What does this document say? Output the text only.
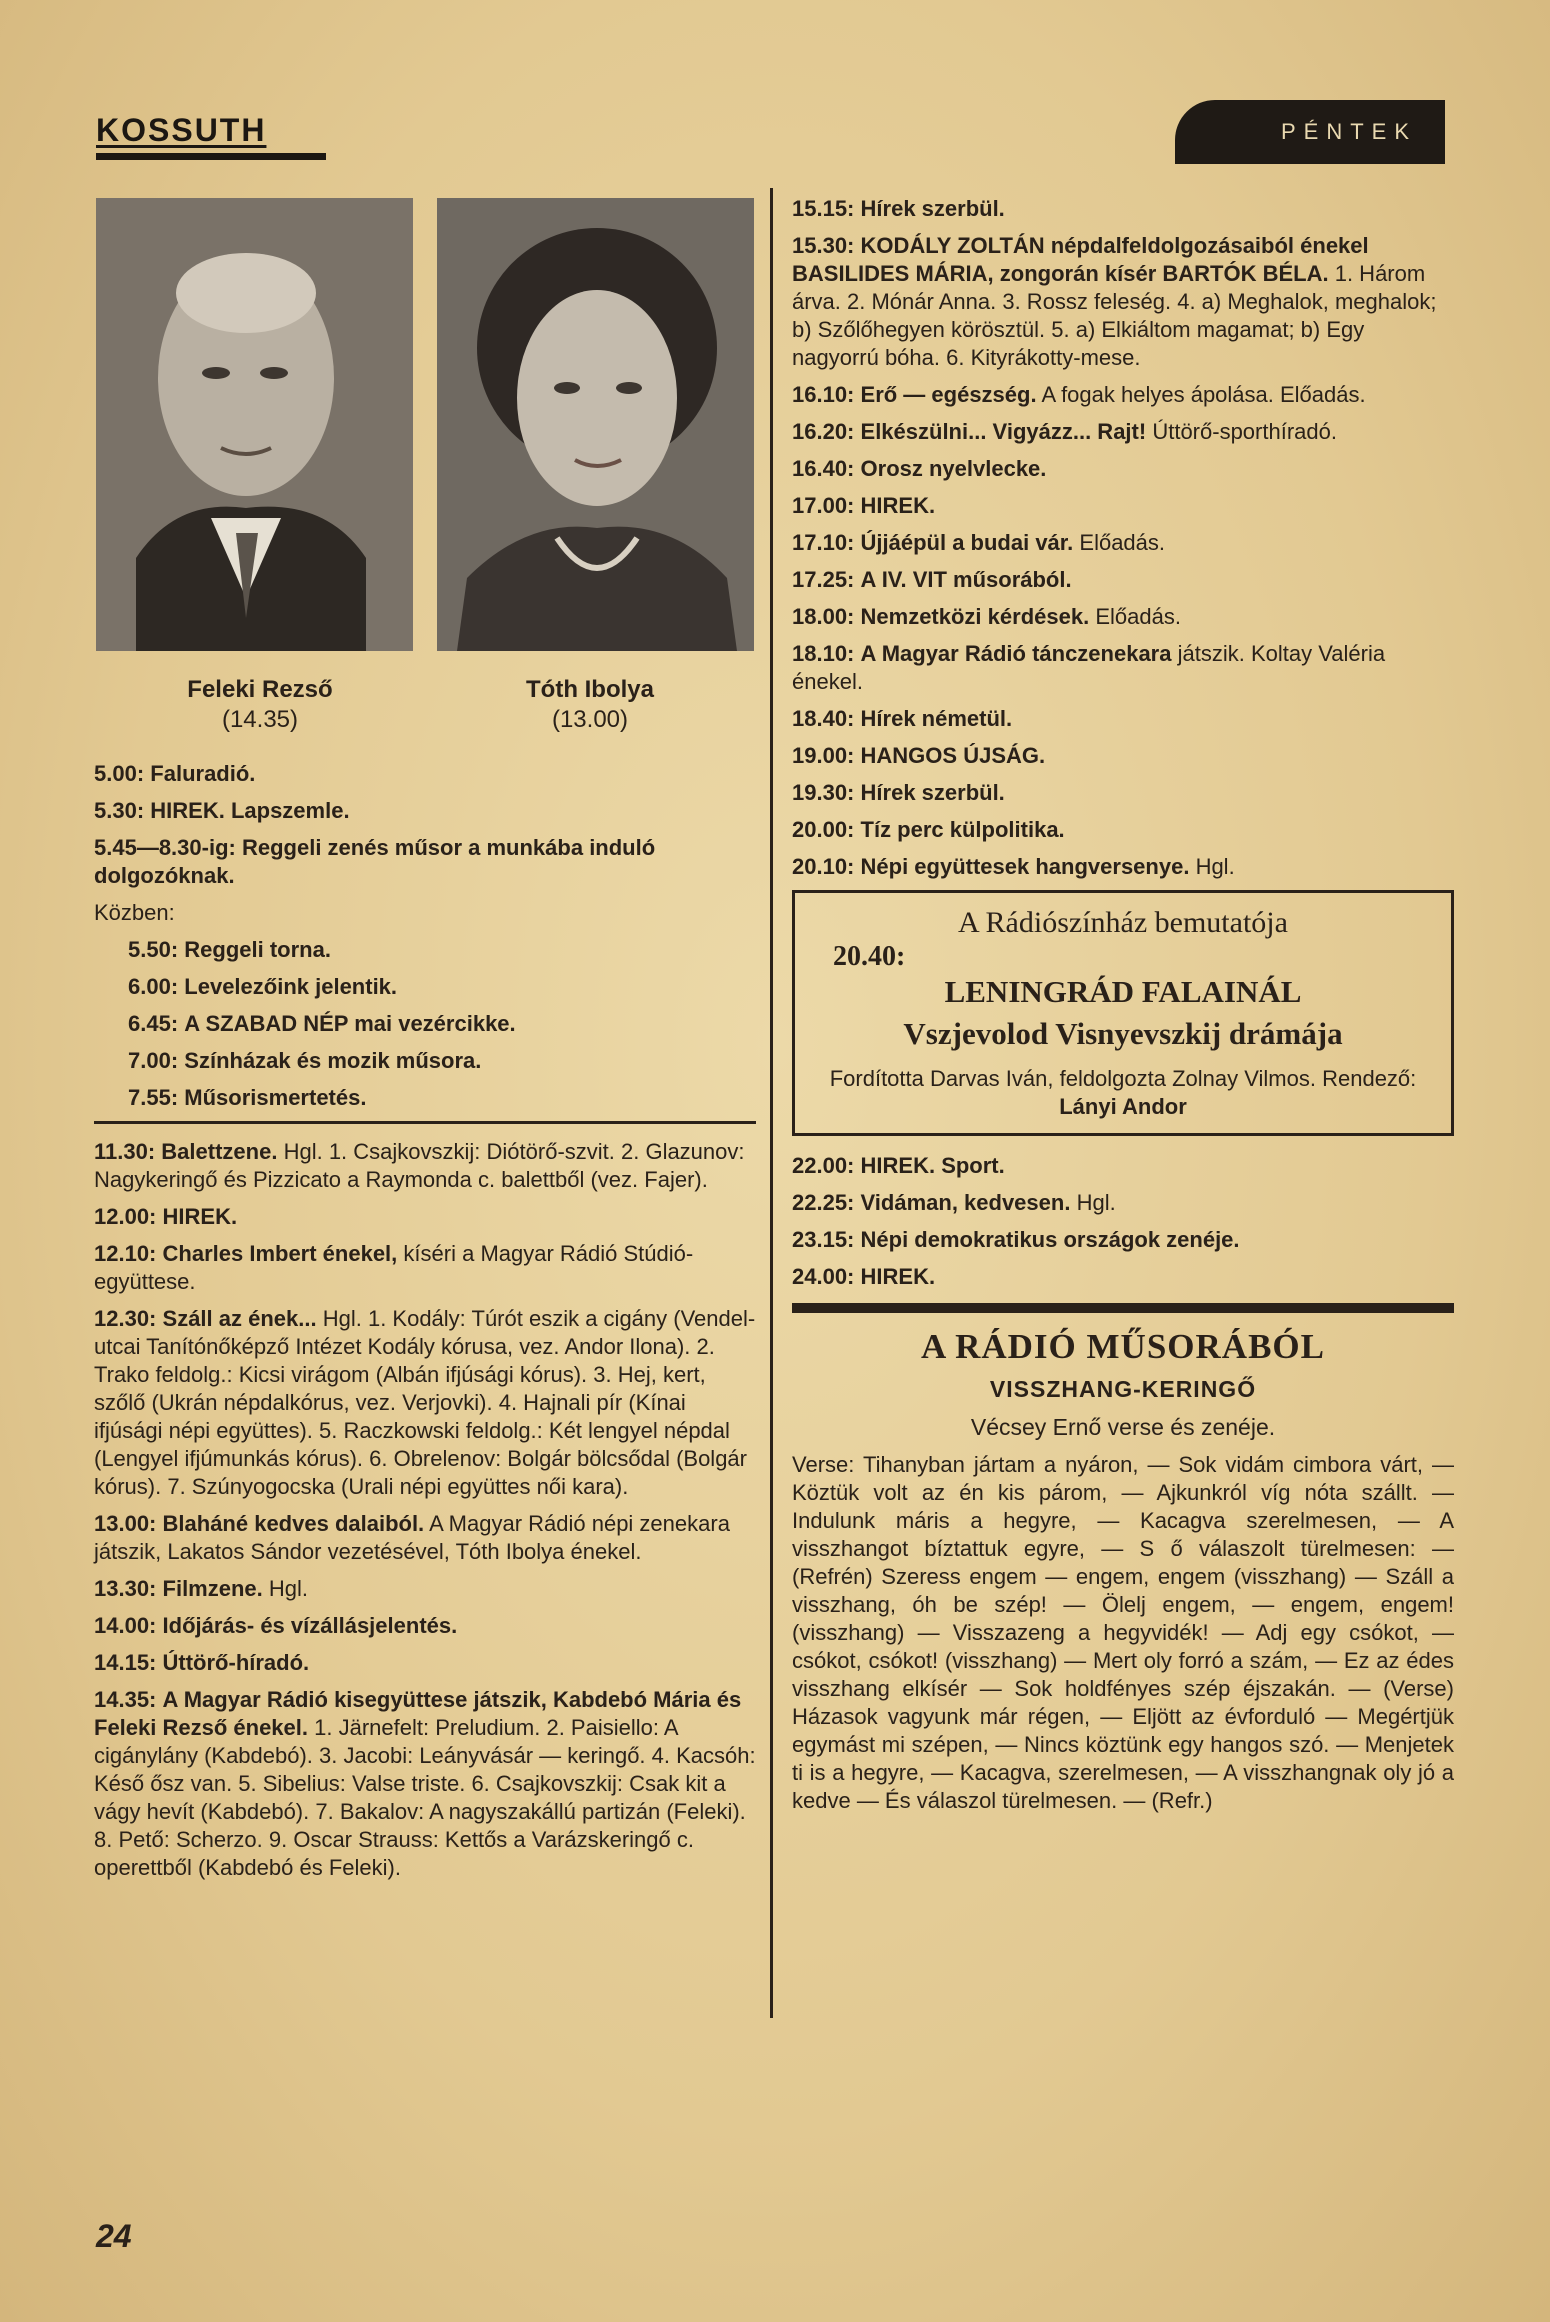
KOSSUTH	PÉNTEK
Feleki Rezső
(14.35)
Tóth Ibolya
(13.00)
5.00: Faluradió.
5.30: HIREK. Lapszemle.
5.45—8.30-ig: Reggeli zenés műsor a munkába induló dolgozóknak.
Közben:
5.50: Reggeli torna.
6.00: Levelezőink jelentik.
6.45: A SZABAD NÉP mai vezércikke.
7.00: Színházak és mozik műsora.
7.55: Műsorismertetés.
11.30: Balettzene. Hgl. 1. Csajkovszkij: Diótörő-szvit. 2. Glazunov: Nagykeringő és Pizzicato a Raymonda c. balettből (vez. Fajer).
12.00: HIREK.
12.10: Charles Imbert énekel, kíséri a Magyar Rádió Stúdió-együttese.
12.30: Száll az ének... Hgl. 1. Kodály: Túrót eszik a cigány (Vendel-utcai Tanítónőképző Intézet Kodály kórusa, vez. Andor Ilona). 2. Trako feldolg.: Kicsi virágom (Albán ifjúsági kórus). 3. Hej, kert, szőlő (Ukrán népdalkórus, vez. Verjovki). 4. Hajnali pír (Kínai ifjúsági népi együttes). 5. Raczkowski feldolg.: Két lengyel népdal (Lengyel ifjúmunkás kórus). 6. Obrelenov: Bolgár bölcsődal (Bolgár kórus). 7. Szúnyogocska (Urali népi együttes női kara).
13.00: Blaháné kedves dalaiból. A Magyar Rádió népi zenekara játszik, Lakatos Sándor vezetésével, Tóth Ibolya énekel.
13.30: Filmzene. Hgl.
14.00: Időjárás- és vízállásjelentés.
14.15: Úttörő-híradó.
14.35: A Magyar Rádió kisegyüttese játszik, Kabdebó Mária és Feleki Rezső énekel. 1. Järnefelt: Preludium. 2. Paisiello: A cigánylány (Kabdebó). 3. Jacobi: Leányvásár — keringő. 4. Kacsóh: Késő ősz van. 5. Sibelius: Valse triste. 6. Csajkovszkij: Csak kit a vágy hevít (Kabdebó). 7. Bakalov: A nagyszakállú partizán (Feleki). 8. Pető: Scherzo. 9. Oscar Strauss: Kettős a Varázskeringő c. operettből (Kabdebó és Feleki).
15.15: Hírek szerbül.
15.30: KODÁLY ZOLTÁN népdalfeldolgozásaiból énekel BASILIDES MÁRIA, zongorán kísér BARTÓK BÉLA. 1. Három árva. 2. Mónár Anna. 3. Rossz feleség. 4. a) Meghalok, meghalok; b) Szőlőhegyen körösztül. 5. a) Elkiáltom magamat; b) Egy nagyorrú bóha. 6. Kityrákotty-mese.
16.10: Erő — egészség. A fogak helyes ápolása. Előadás.
16.20: Elkészülni... Vigyázz... Rajt! Úttörő-sporthíradó.
16.40: Orosz nyelvlecke.
17.00: HIREK.
17.10: Újjáépül a budai vár. Előadás.
17.25: A IV. VIT műsorából.
18.00: Nemzetközi kérdések. Előadás.
18.10: A Magyar Rádió tánczenekara játszik. Koltay Valéria énekel.
18.40: Hírek németül.
19.00: HANGOS ÚJSÁG.
19.30: Hírek szerbül.
20.00: Tíz perc külpolitika.
20.10: Népi együttesek hangversenye. Hgl.
A Rádiószínház bemutatója
20.40:
LENINGRÁD FALAINÁL
Vszjevolod Visnyevszkij drámája
Fordította Darvas Iván, feldolgozta Zolnay Vilmos. Rendező: Lányi Andor
22.00: HIREK. Sport.
22.25: Vidáman, kedvesen. Hgl.
23.15: Népi demokratikus országok zenéje.
24.00: HIREK.
A RÁDIÓ MŰSORÁBÓL
VISSZHANG-KERINGŐ
Vécsey Ernő verse és zenéje.
Verse: Tihanyban jártam a nyáron, — Sok vidám cimbora várt, — Köztük volt az én kis párom, — Ajkunkról víg nóta szállt. — Indulunk máris a hegyre, — Kacagva szerelmesen, — A visszhangot bíztattuk egyre, — S ő válaszolt türelmesen: — (Refrén) Szeress engem — engem, engem (visszhang) — Száll a visszhang, óh be szép! — Ölelj engem, — engem, engem! (visszhang) — Visszazeng a hegyvidék! — Adj egy csókot, — csókot, csókot! (visszhang) — Mert oly forró a szám, — Ez az édes visszhang elkísér — Sok holdfényes szép éjszakán. — (Verse) Házasok vagyunk már régen, — Eljött az évforduló — Megértjük egymást mi szépen, — Nincs köztünk egy hangos szó. — Menjetek ti is a hegyre, — Kacagva, szerelmesen, — A visszhangnak oly jó a kedve — És válaszol türelmesen. — (Refr.)
24
